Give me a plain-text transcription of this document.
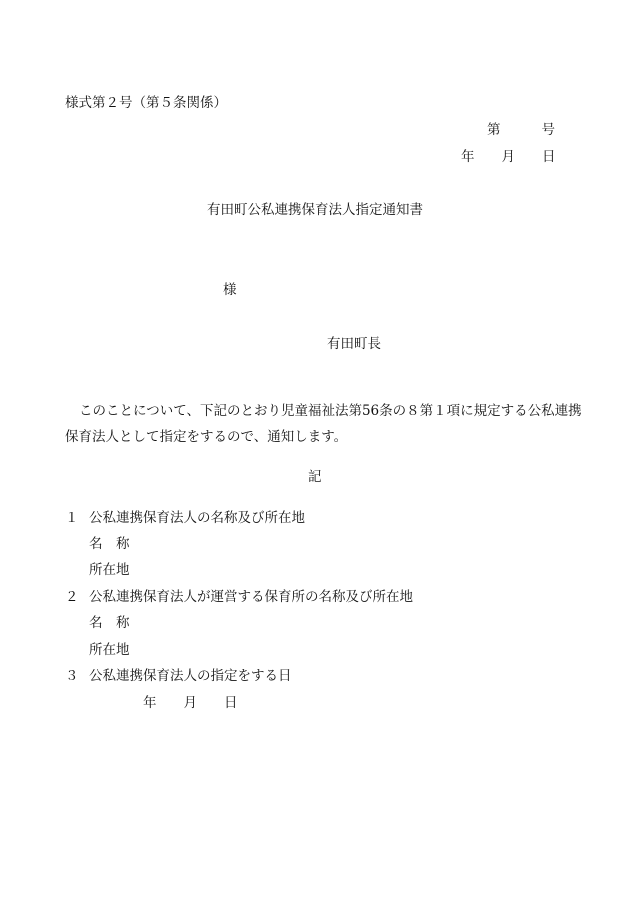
様式第２号（第５条関係）
第	号
年 月 日
有田町公私連携保育法人指定通知書
様
有田町長
このことについて、下記のとおり児童福祉法第56条の８第１項に規定する公私連携
保育法人として指定をするので、通知します。
記
１ 公私連携保育法人の名称及び所在地
名　称
所在地
２ 公私連携保育法人が運営する保育所の名称及び所在地
名　称
所在地
３ 公私連携保育法人の指定をする日
年 月 日
